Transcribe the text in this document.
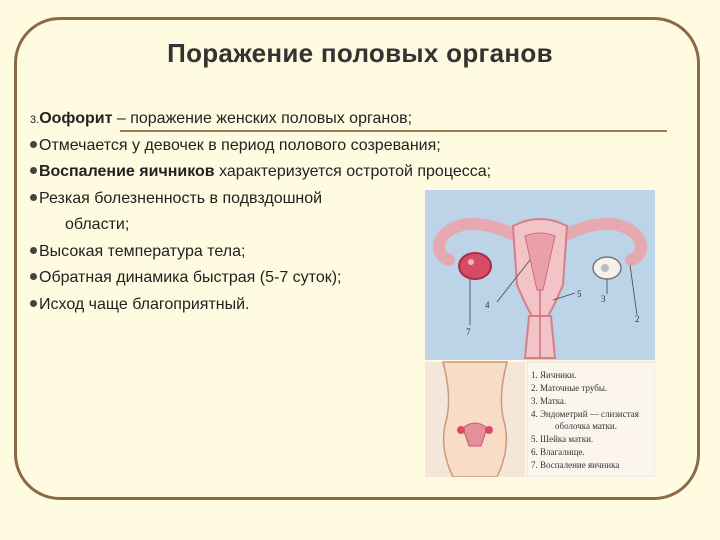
Поражение половых органов
3.Оофорит – поражение женских половых органов;
Отмечается у девочек в период полового созревания;
Воспаление яичников характеризуется остротой процесса;
Резкая болезненность в подвздошной
области;
Высокая температура тела;
Обратная динамика быстрая (5-7 суток);
Исход чаще благоприятный.
7
4
5 3
2
1. Яичники.
2. Маточные трубы.
3. Матка.
4. Эндометрий — слизистая
оболочка матки.
5. Шейка матки.
6. Влагалище.
7. Воспаление яичника
